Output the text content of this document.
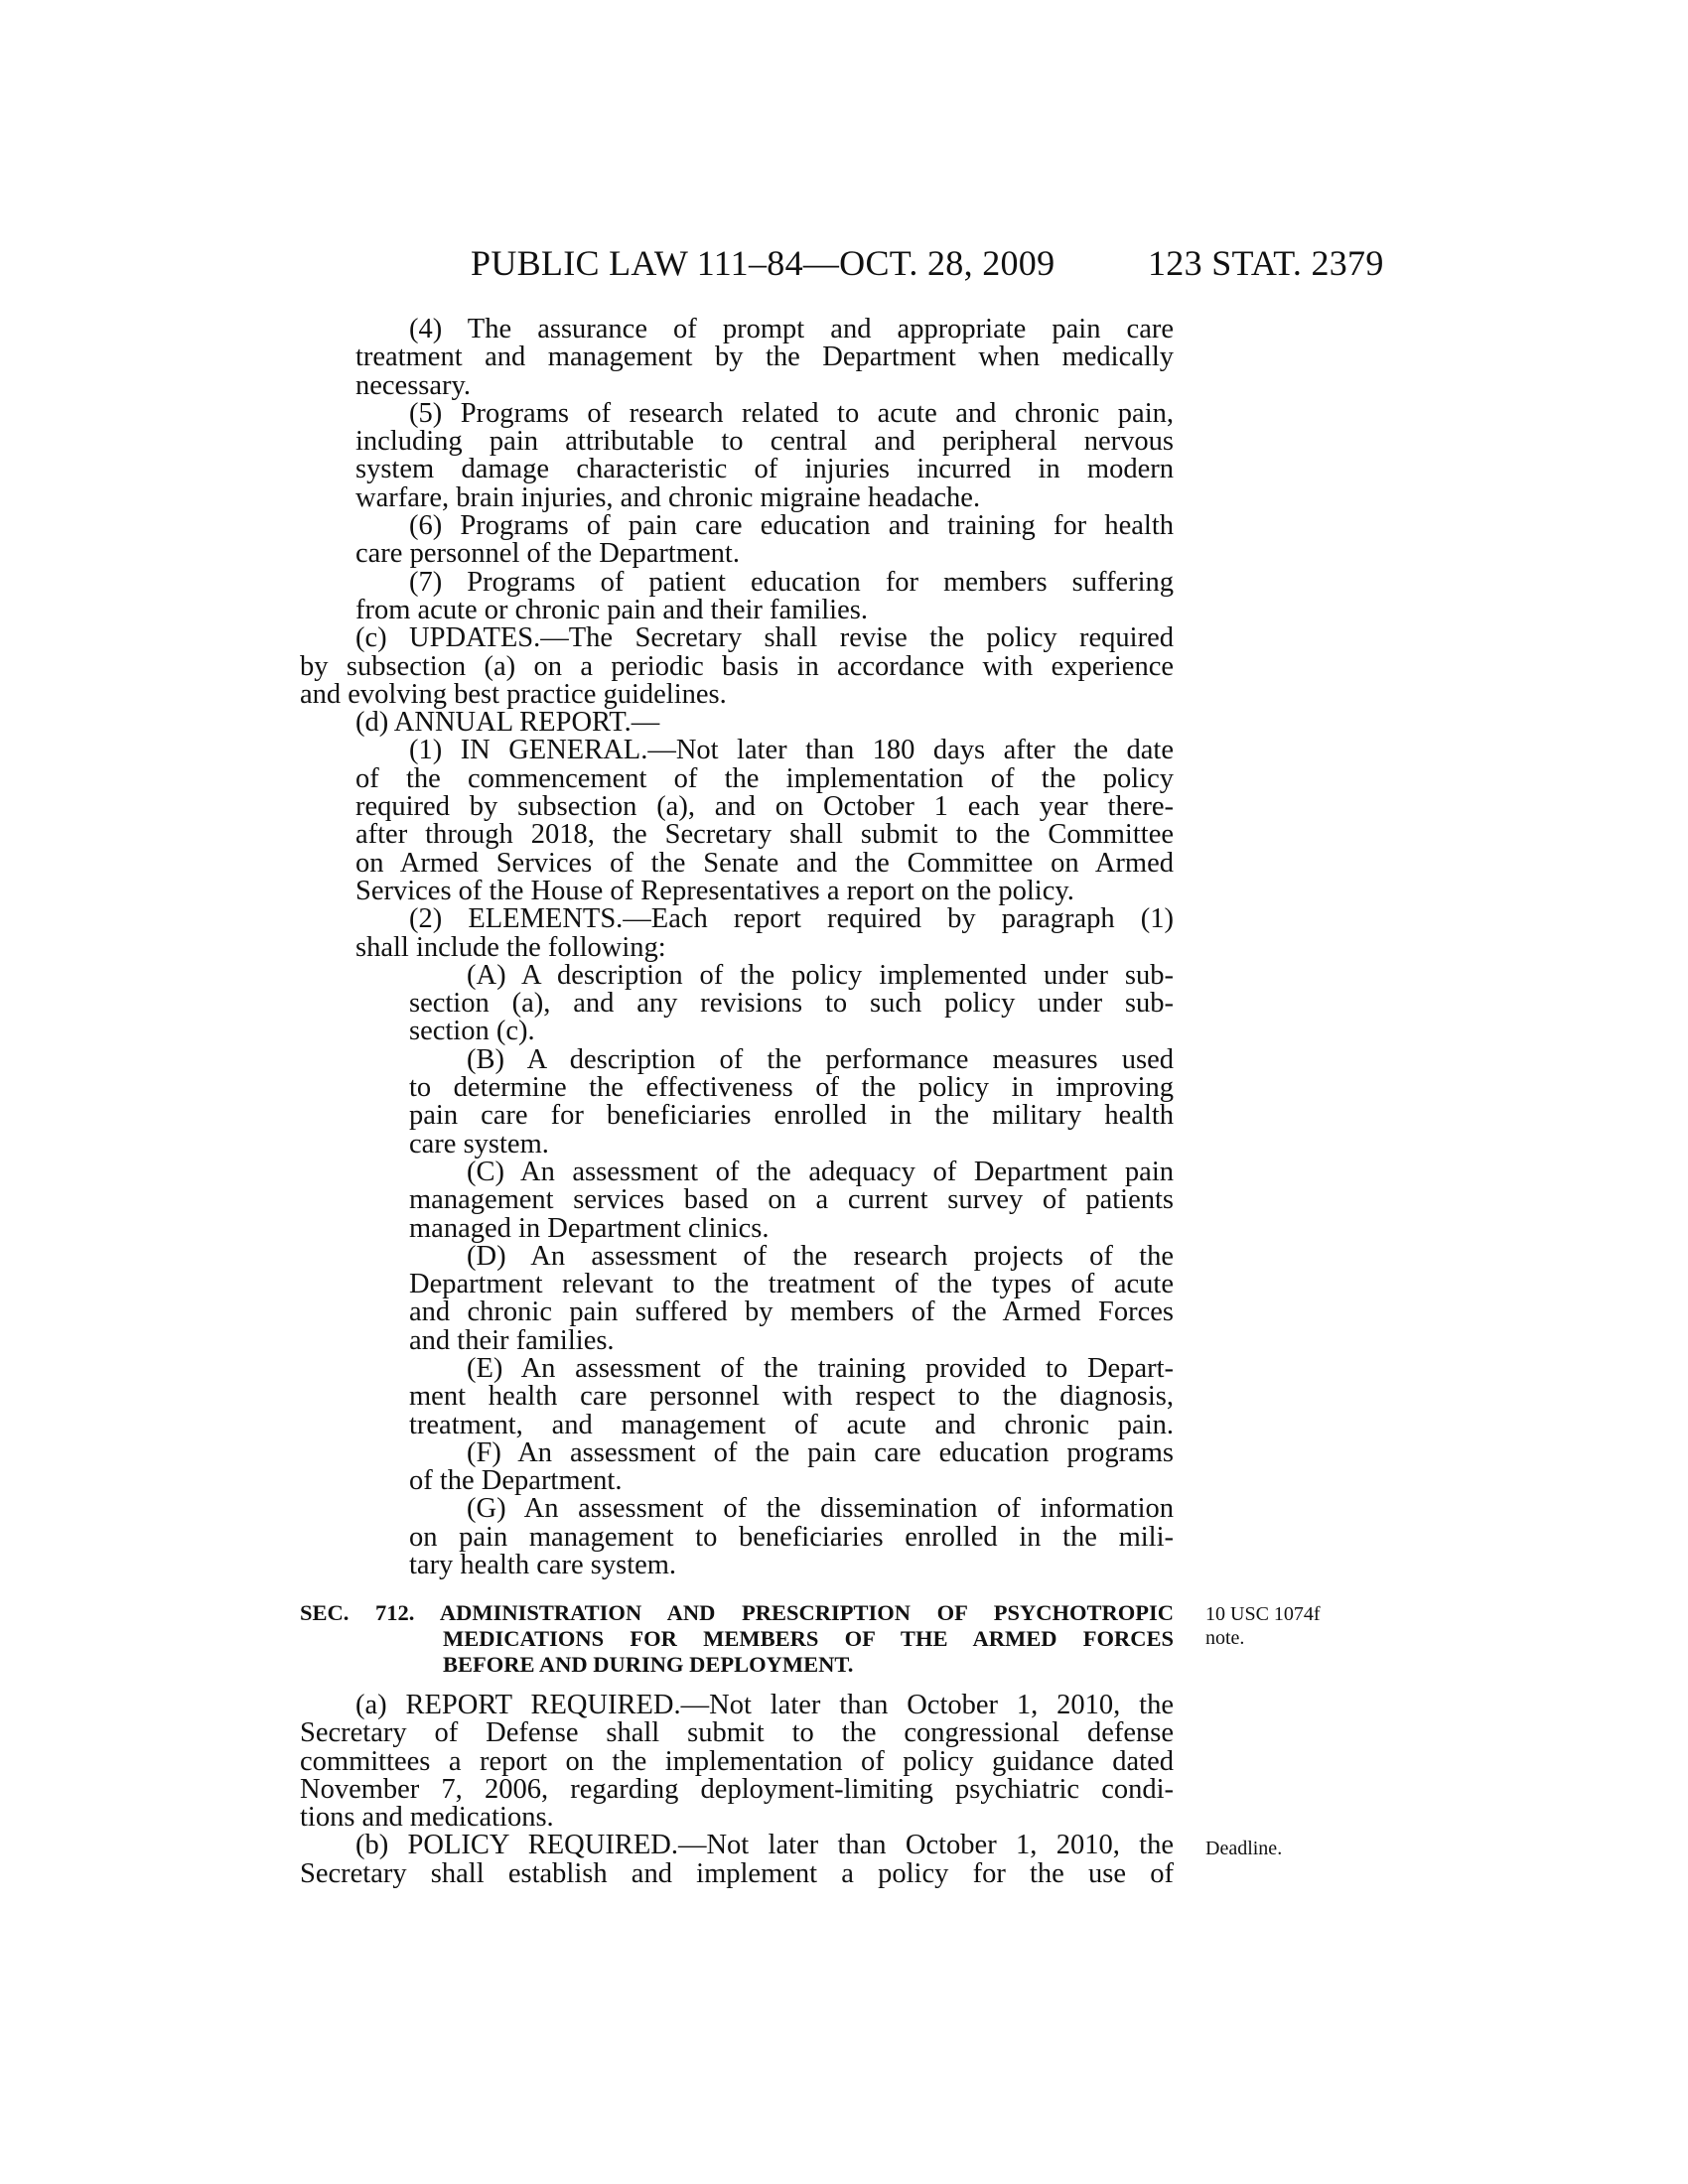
PUBLIC LAW 111–84—OCT. 28, 2009	123 STAT. 2379
(4) The assurance of prompt and appropriate pain care
treatment and management by the Department when medically
necessary.
(5) Programs of research related to acute and chronic pain,
including pain attributable to central and peripheral nervous
system damage characteristic of injuries incurred in modern
warfare, brain injuries, and chronic migraine headache.
(6) Programs of pain care education and training for health
care personnel of the Department.
(7) Programs of patient education for members suffering
from acute or chronic pain and their families.
(c) UPDATES.—The Secretary shall revise the policy required
by subsection (a) on a periodic basis in accordance with experience
and evolving best practice guidelines.
(d) ANNUAL REPORT.—
(1) IN GENERAL.—Not later than 180 days after the date
of the commencement of the implementation of the policy
required by subsection (a), and on October 1 each year there-
after through 2018, the Secretary shall submit to the Committee
on Armed Services of the Senate and the Committee on Armed
Services of the House of Representatives a report on the policy.
(2) ELEMENTS.—Each report required by paragraph (1)
shall include the following:
(A) A description of the policy implemented under sub-
section (a), and any revisions to such policy under sub-
section (c).
(B) A description of the performance measures used
to determine the effectiveness of the policy in improving
pain care for beneficiaries enrolled in the military health
care system.
(C) An assessment of the adequacy of Department pain
management services based on a current survey of patients
managed in Department clinics.
(D) An assessment of the research projects of the
Department relevant to the treatment of the types of acute
and chronic pain suffered by members of the Armed Forces
and their families.
(E) An assessment of the training provided to Depart-
ment health care personnel with respect to the diagnosis,
treatment, and management of acute and chronic pain.
(F) An assessment of the pain care education programs
of the Department.
(G) An assessment of the dissemination of information
on pain management to beneficiaries enrolled in the mili-
tary health care system.
SEC. 712. ADMINISTRATION AND PRESCRIPTION OF PSYCHOTROPIC
MEDICATIONS FOR MEMBERS OF THE ARMED FORCES
BEFORE AND DURING DEPLOYMENT.
(a) REPORT REQUIRED.—Not later than October 1, 2010, the
Secretary of Defense shall submit to the congressional defense
committees a report on the implementation of policy guidance dated
November 7, 2006, regarding deployment-limiting psychiatric condi-
tions and medications.
(b) POLICY REQUIRED.—Not later than October 1, 2010, the
Secretary shall establish and implement a policy for the use of
10 USC 1074f
note.
Deadline.
